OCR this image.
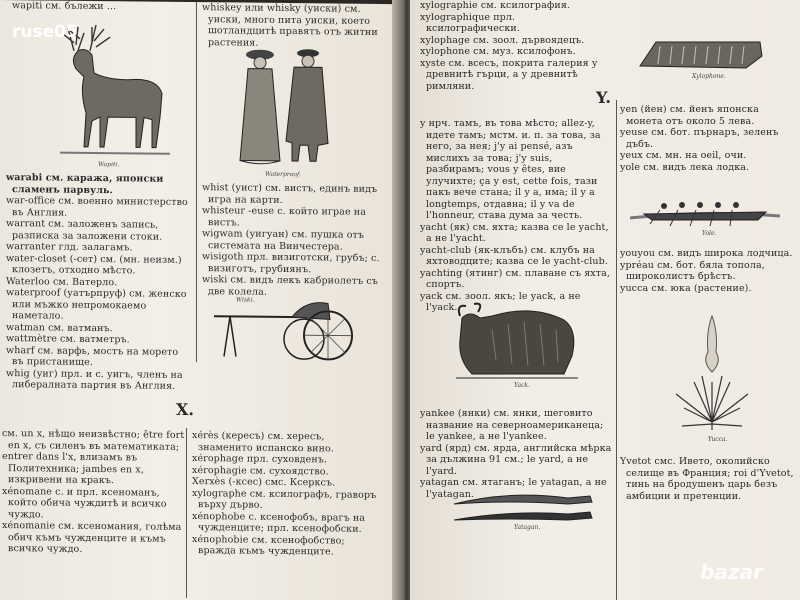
wapiti см. бълежи ...

Wapiti.

warabi см. каража, японски сламенъ парвуль.

war-office см. военно министерство въ Англия.

warrant см. заложенъ запись, разписка за заложени стоки.

warranter глд. залагамъ.

water-closet (-сет) см. (мн. неизм.) клозетъ, отходно мѣсто.

Waterloo см. Ватерло.

waterproof (уатърпруф) см. женско или мъжко непромокаемо наметало.

watman см. ватманъ.

wattmètre см. ватметръ.

wharf см. варфь, мостъ на морето въ пристанище.

whig (уиг) прл. и с. уигъ, членъ на либералната партия въ Англия.

whiskey или whisky (уиски) см. уиски, много пита уиски, което шотландцитѣ правятъ отъ житни растения.

Waterproof.

whist (уист) см. вистъ, единъ видъ игра на карти.

whisteur -euse с. който играе на вистъ.

wigwam (уигуан) см. пушка отъ системата на Винчестера.

wisigoth прл. визиготски, грубъ; с. визиготъ, грубиянъ.

wiski см. видъ лекъ кабриолетъ съ две колела.

Wiski.
X.

см. un x, нѣщо неизвѣстно; être fort en x, съ силенъ въ математиката;

entrer dans l'x, влизамъ въ Политехника; jambes en x, изкривени на кракъ.

xénomane с. и прл. ксеноманъ, който обича чуждитѣ и всичко чуждо.

xénomanie см. ксеномания, голѣма обич къмъ чужденците и къмъ всичко чуждо.

xérès (кересъ) см. хересъ, знаменито испанско вино.

xérophage прл. суховденъ.

xérophagie см. сухоядство.

Xerxès (-ксес) смс. Ксерксъ.

xylographe см. ксилографъ, граворъ върху дърво.

xénophobe с. ксенофобъ, врагъ на чужденците; прл. ксенофобски.

xénophobie см. ксенофобство; вражда къмъ чужденците.

xylographie см. ксилография.

xylographique прл. ксилографически.

xylophage см. зоол. дървоядецъ.

xylophone см. муз. ксилофонъ.

xyste см. всесъ, покрита галерия у древнитѣ гърци, а у древнитѣ римляни.

Y.

y нрч. тамъ, въ това мѣсто; allez-y, идете тамъ; мстм. и. п. за това, за него, за нея; j'y ai pensé, азъ мислихъ за това; j'y suis, разбирамъ; vous y êtes, вие улучихте; ça y est, cette fois, тази пакъ вече стана; il y a, има; il y a longtemps, отдавна; il y va de l'honneur, става дума за честь.

yacht (як) см. яхта; казва се le yacht, а не l'yacht.

yacht-club (як-клъбъ) см. клубъ на яхтоводците; казва се le yacht-club.

yachting (ятинг) см. плаване съ яхта, спортъ.

yack см. зоол. якъ; le yack, а не l'yack.

Yack.

yankee (янки) см. янки, шеговито название на северноамериканеца; le yankee, а не l'yankee.

yard (ярд) см. ярда, английска мѣрка за дължина 91 см.; le yard, а не l'yard.

yatagan см. ятаганъ; le yatagan, а не l'yatagan.

Yatagan.
Xylophone.

yen (йен) см. йенъ японска монета отъ около 5 лева.

yeuse см. бот. пърнаръ, зеленъ дъбъ.

yeux см. мн. на oeil, очи.

yole см. видъ лека лодка.

Yole.

youyou см. видъ широка лодчица.

ypréau см. бот. бяла топола, широколистъ брѣстъ.

yucca см. юка (растение).

Yucca.

Yvetot смс. Ивето, околийско селище въ Франция; roi d'Yvetot, тинь на бродушенъ царь безъ амбиции и претенции.

ruse05
bazar
